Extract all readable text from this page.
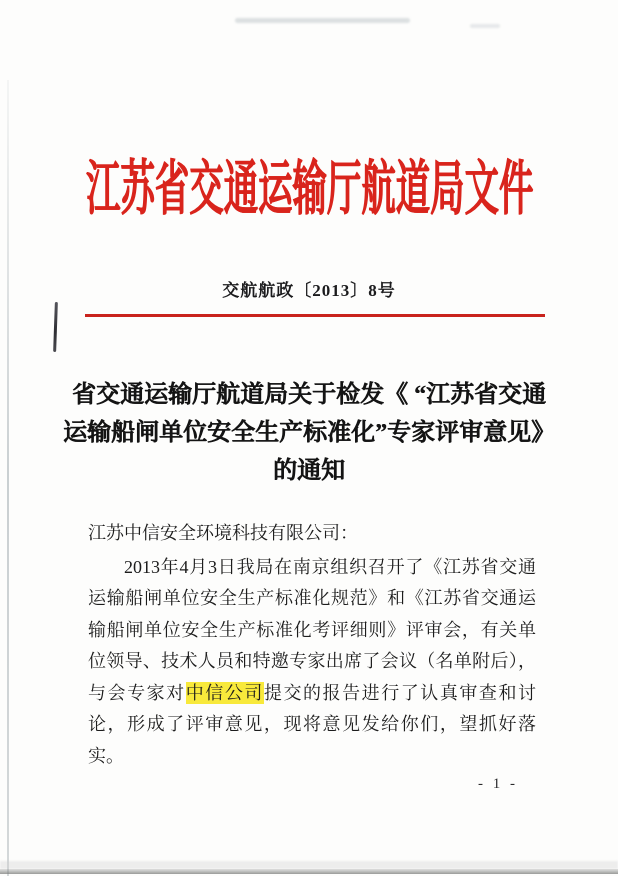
江苏省交通运输厅航道局文件
交航航政〔2013〕8号
省交通运输厅航道局关于检发《 “江苏省交通
运输船闸单位安全生产标准化”专家评审意见》
的通知
江苏中信安全环境科技有限公司：

2013年4月3日我局在南京组织召开了《江苏省交通运输船闸单位安全生产标准化规范》和《江苏省交通运输船闸单位安全生产标准化考评细则》评审会，有关单位领导、技术人员和特邀专家出席了会议（名单附后），与会专家对中信公司提交的报告进行了认真审查和讨论，形成了评审意见，现将意见发给你们，望抓好落实。

- 1 -
